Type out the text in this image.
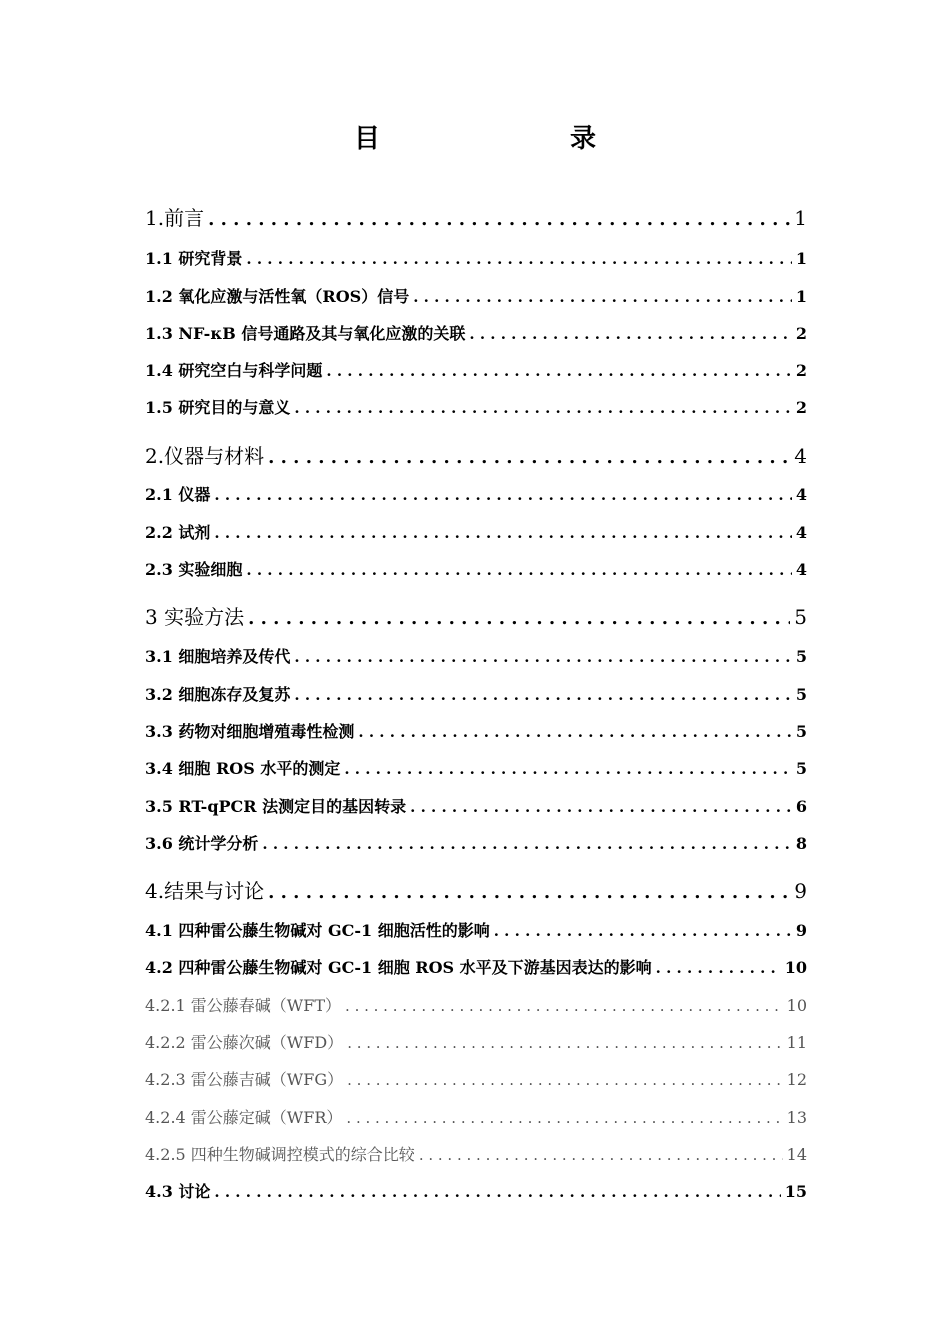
目　　录
1.前言 . . .	1
1.1 研究背景 . . .	1
1.2 氧化应激与活性氧（ROS）信号 . . .	1
1.3 NF-κB 信号通路及其与氧化应激的关联 . . .	2
1.4 研究空白与科学问题 . . .	2
1.5 研究目的与意义 . . .	2
2.仪器与材料 . . .	4
2.1 仪器 . . .	4
2.2 试剂 . . .	4
2.3 实验细胞 . . .	4
3 实验方法 . . .	5
3.1 细胞培养及传代 . . .	5
3.2 细胞冻存及复苏 . . .	5
3.3 药物对细胞增殖毒性检测 . . .	5
3.4 细胞 ROS 水平的测定 . . .	5
3.5 RT-qPCR 法测定目的基因转录 . . .	6
3.6 统计学分析 . . .	8
4.结果与讨论 . . .	9
4.1 四种雷公藤生物碱对 GC-1 细胞活性的影响 . . .	9
4.2 四种雷公藤生物碱对 GC-1 细胞 ROS 水平及下游基因表达的影响 . . .	10
4.2.1 雷公藤春碱（WFT） . . .	10
4.2.2 雷公藤次碱（WFD） . . .	11
4.2.3 雷公藤吉碱（WFG） . . .	12
4.2.4 雷公藤定碱（WFR） . . .	13
4.2.5 四种生物碱调控模式的综合比较 . . .	14
4.3 讨论 . . .	15
